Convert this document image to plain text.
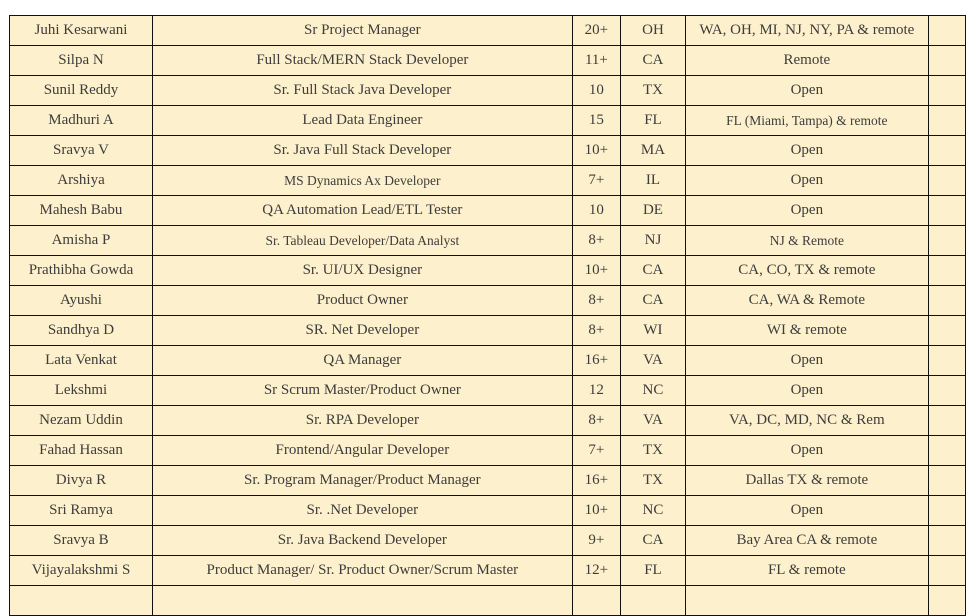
Juhi Kesarwani	Sr Project Manager	20+	OH	WA, OH, MI, NJ, NY, PA & remote	
Silpa N	Full Stack/MERN Stack Developer	11+	CA	Remote	
Sunil Reddy	Sr. Full Stack Java Developer	10	TX	Open	
Madhuri A	Lead Data Engineer	15	FL	FL (Miami, Tampa) & remote	
Sravya V	Sr. Java Full Stack Developer	10+	MA	Open	
Arshiya	MS Dynamics Ax Developer	7+	IL	Open	
Mahesh Babu	QA Automation Lead/ETL Tester	10	DE	Open	
Amisha P	Sr. Tableau Developer/Data Analyst	8+	NJ	NJ & Remote	
Prathibha Gowda	Sr. UI/UX Designer	10+	CA	CA, CO, TX & remote	
Ayushi	Product Owner	8+	CA	CA, WA & Remote	
Sandhya D	SR. Net Developer	8+	WI	WI & remote	
Lata Venkat	QA Manager	16+	VA	Open	
Lekshmi	Sr Scrum Master/Product Owner	12	NC	Open	
Nezam Uddin	Sr. RPA Developer	8+	VA	VA, DC, MD, NC & Rem	
Fahad Hassan	Frontend/Angular Developer	7+	TX	Open	
Divya R	Sr. Program Manager/Product Manager	16+	TX	Dallas TX & remote	
Sri Ramya	Sr. .Net Developer	10+	NC	Open	
Sravya B	Sr. Java Backend Developer	9+	CA	Bay Area CA & remote	
Vijayalakshmi S	Product Manager/ Sr. Product Owner/Scrum Master	12+	FL	FL & remote	
